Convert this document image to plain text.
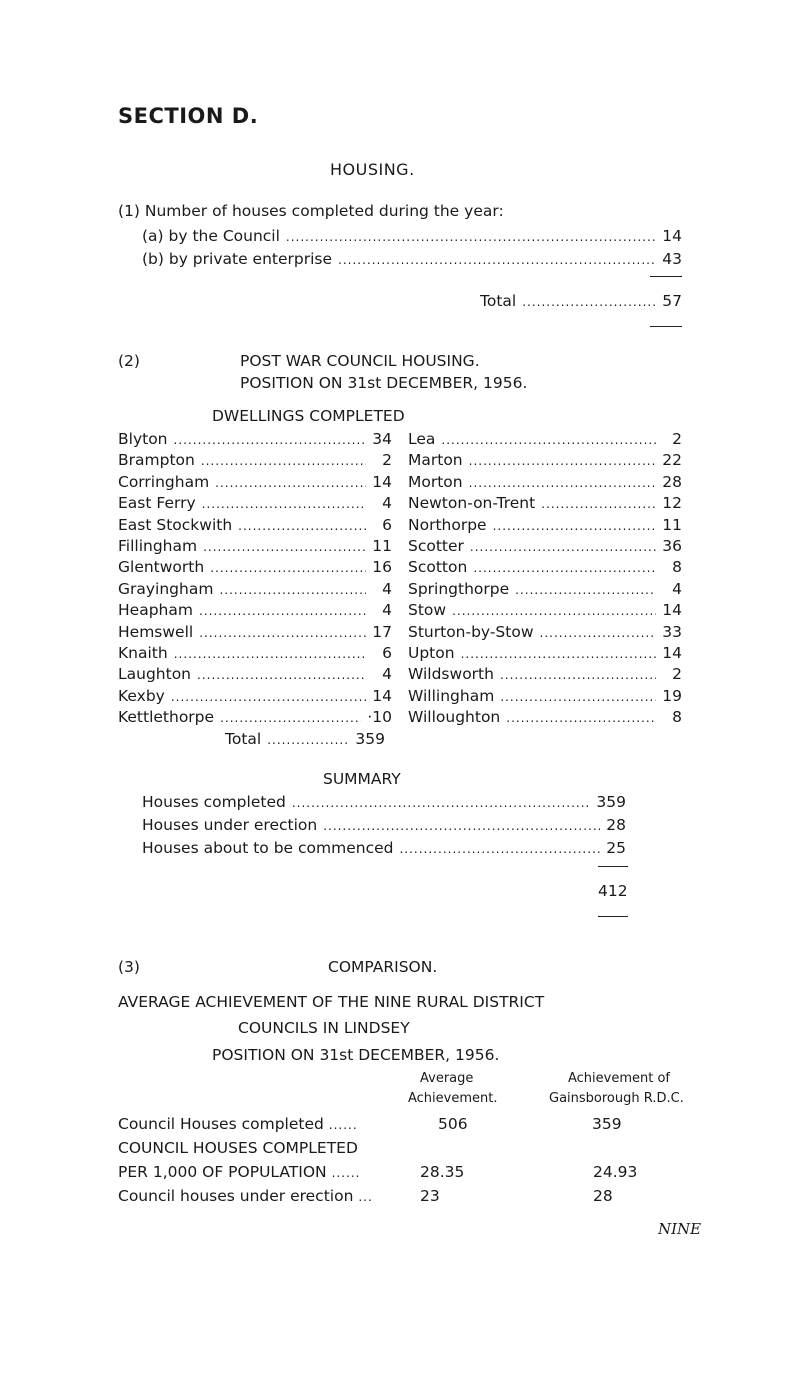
SECTION D.
HOUSING.
(1) Number of houses completed during the year:
(a) by the Council .....	14
(b) by private enterprise .....	43
Total .....	57
(2)	POST WAR COUNCIL HOUSING.
POSITION ON 31st DECEMBER, 1956.
DWELLINGS COMPLETED
Blyton .....	34
Brampton .....	2
Corringham .....	14
East Ferry .....	4
East Stockwith .....	6
Fillingham .....	11
Glentworth .....	16
Grayingham .....	4
Heapham .....	4
Hemswell .....	17
Knaith .....	6
Laughton .....	4
Kexby .....	14
Kettlethorpe .....	·10
Lea .....	2
Marton .....	22
Morton .....	28
Newton-on-Trent .....	12
Northorpe .....	11
Scotter .....	36
Scotton .....	8
Springthorpe .....	4
Stow .....	14
Sturton-by-Stow .....	33
Upton .....	14
Wildsworth .....	2
Willingham .....	19
Willoughton .....	8
Total .....	359
SUMMARY
Houses completed .....	359
Houses under erection .....	28
Houses about to be commenced .....	25
412
(3)	COMPARISON.
AVERAGE ACHIEVEMENT OF THE NINE RURAL DISTRICT
COUNCILS IN LINDSEY
POSITION ON 31st DECEMBER, 1956.
Average
Achievement.
Achievement of
Gainsborough R.D.C.
Council Houses completed ......	506	359
COUNCIL HOUSES COMPLETED
PER 1,000 OF POPULATION ......	28.35	24.93
Council houses under erection ...	23	28
NINE
